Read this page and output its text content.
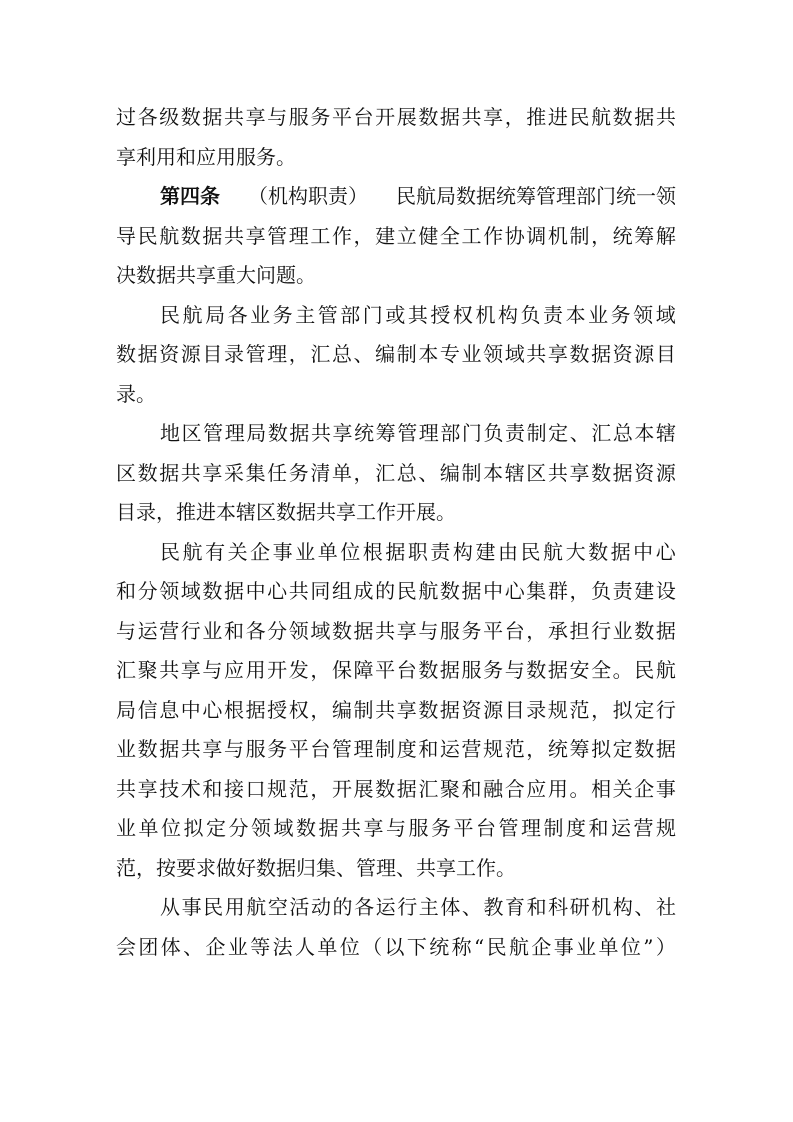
过 各 级 数 据 共 享 与 服 务 平 台 开 展 数 据 共 享 ， 推 进 民 航 数 据 共
享利用和应用服务。
第四条 （机构职责） 民航局数据统筹管理部门统一领
导 民 航 数 据 共 享 管 理 工 作 ， 建 立 健 全 工 作 协 调 机 制 ， 统 筹 解
决数据共享重大问题。
民 航 局 各 业 务 主 管 部 门 或 其 授 权 机 构 负 责 本 业 务 领 域
数 据 资 源 目 录 管 理 ， 汇 总 、 编 制 本 专 业 领 域 共 享 数 据 资 源 目
录。
地 区 管 理 局 数 据 共 享 统 筹 管 理 部 门 负 责 制 定 、 汇 总 本 辖
区 数 据 共 享 采 集 任 务 清 单 ， 汇 总 、 编 制 本 辖 区 共 享 数 据 资 源
目录，推进本辖区数据共享工作开展。
民 航 有 关 企 事 业 单 位 根 据 职 责 构 建 由 民 航 大 数 据 中 心
和 分 领 域 数 据 中 心 共 同 组 成 的 民 航 数 据 中 心 集 群 ， 负 责 建 设
与 运 营 行 业 和 各 分 领 域 数 据 共 享 与 服 务 平 台 ， 承 担 行 业 数 据
汇 聚 共 享 与 应 用 开 发 ， 保 障 平 台 数 据 服 务 与 数 据 安 全 。 民 航
局 信 息 中 心 根 据 授 权 ， 编 制 共 享 数 据 资 源 目 录 规 范 ， 拟 定 行
业 数 据 共 享 与 服 务 平 台 管 理 制 度 和 运 营 规 范 ， 统 筹 拟 定 数 据
共 享 技 术 和 接 口 规 范 ， 开 展 数 据 汇 聚 和 融 合 应 用 。 相 关 企 事
业 单 位 拟 定 分 领 域 数 据 共 享 与 服 务 平 台 管 理 制 度 和 运 营 规
范，按要求做好数据归集、管理、共享工作。
从 事 民 用 航 空 活 动 的 各 运 行 主 体 、 教 育 和 科 研 机 构 、 社
会 团 体 、 企 业 等 法 人 单 位 （ 以 下 统 称 “ 民 航 企 事 业 单 位 ” ）
